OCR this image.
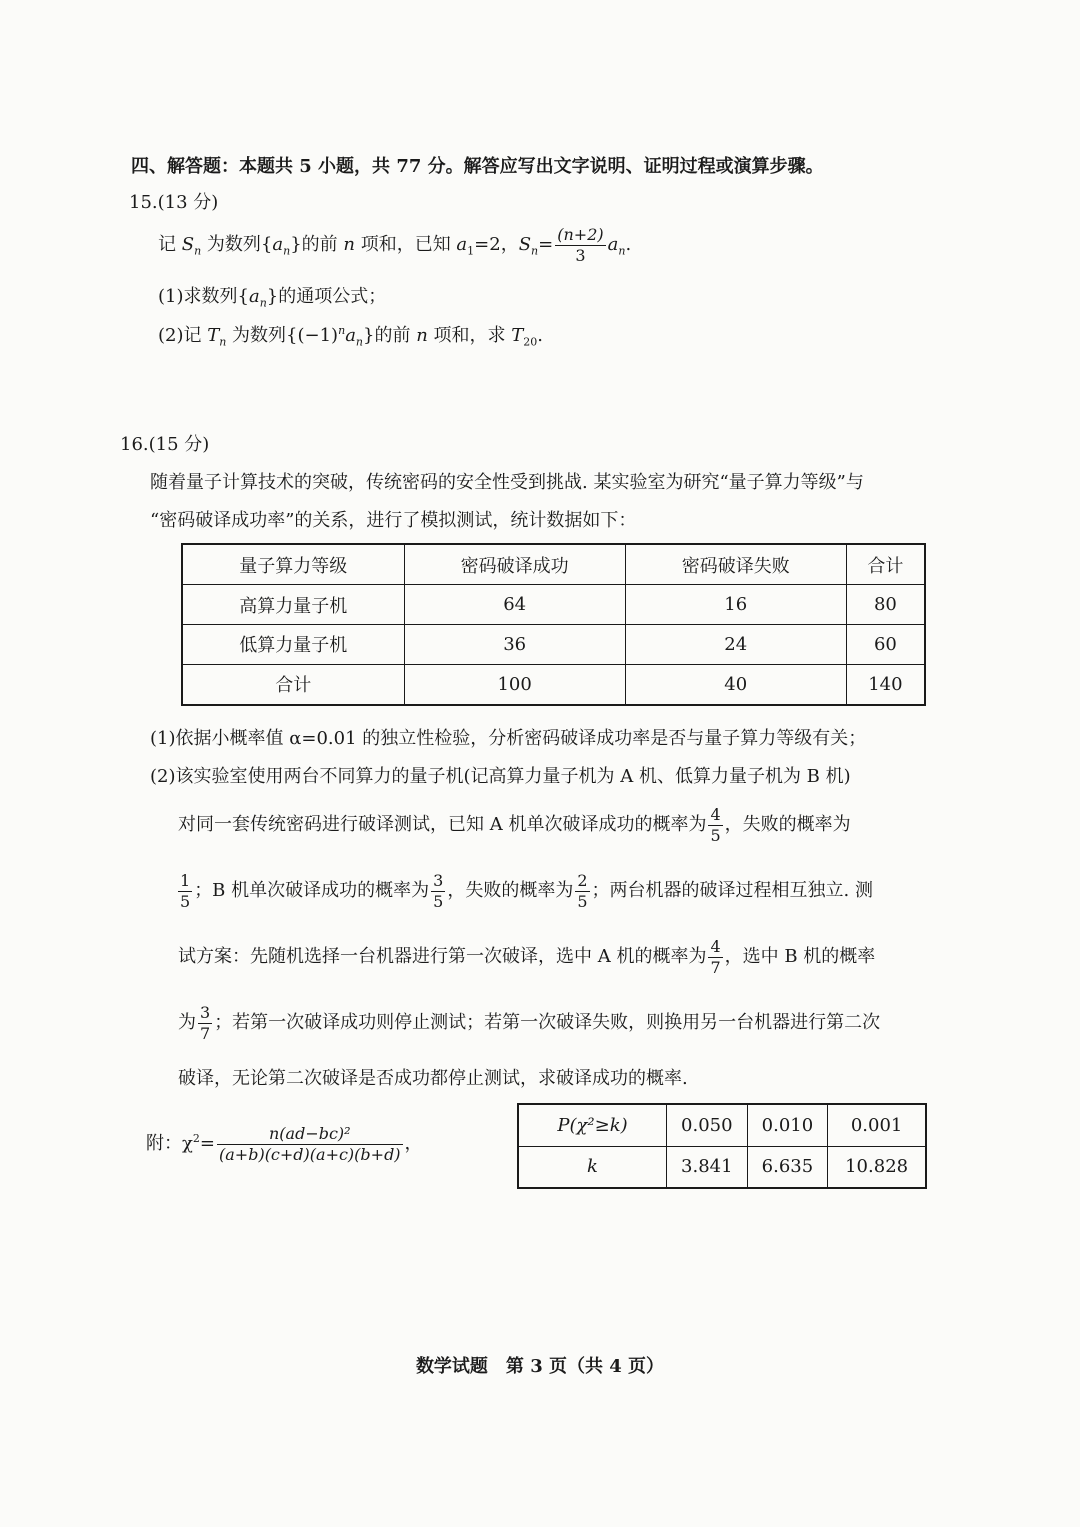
四、解答题：本题共 5 小题，共 77 分。解答应写出文字说明、证明过程或演算步骤。
15.(13 分)
记 $S_n$ 为数列$\{a_n\}$的前 n 项和，已知 $a_1=2$，$S_n= \frac{(n+2)}{3} a_n$.
(1)求数列$\{a_n\}$的通项公式；
(2)记 $T_n$ 为数列$\{(-1)^na_n\}$的前 n 项和，求 $T_{20}$.
16.(15 分)
随着量子计算技术的突破，传统密码的安全性受到挑战. 某实验室为研究“量子算力等级”与
“密码破译成功率”的关系，进行了模拟测试，统计数据如下：
量子算力等级	密码破译成功	密码破译失败	合计
高算力量子机	64	16	80
低算力量子机	36	24	60
合计	100	40	140
(1)依据小概率值 α=0.01 的独立性检验，分析密码破译成功率是否与量子算力等级有关；
(2)该实验室使用两台不同算力的量子机(记高算力量子机为 A 机、低算力量子机为 B 机)
对同一套传统密码进行破译测试，已知 A 机单次破译成功的概率为 $\frac{4}{5}$ ，失败的概率为
$\frac{1}{5}$ ；B 机单次破译成功的概率为 $\frac{3}{5}$ ，失败的概率为 $\frac{2}{5}$ ；两台机器的破译过程相互独立. 测
试方案：先随机选择一台机器进行第一次破译，选中 A 机的概率为 $\frac{4}{7}$ ，选中 B 机的概率
为 $\frac{3}{7}$ ；若第一次破译成功则停止测试；若第一次破译失败，则换用另一台机器进行第二次
破译，无论第二次破译是否成功都停止测试，求破译成功的概率.
附：$\chi^2= \frac{\text{n(ad−bc)²}}{(a+b)(c+d)(a+c)(b+d)}$ ，
P(χ²≥k)	0.050	0.010	0.001
k	3.841	6.635	10.828
数学试题　第 3 页（共 4 页）
